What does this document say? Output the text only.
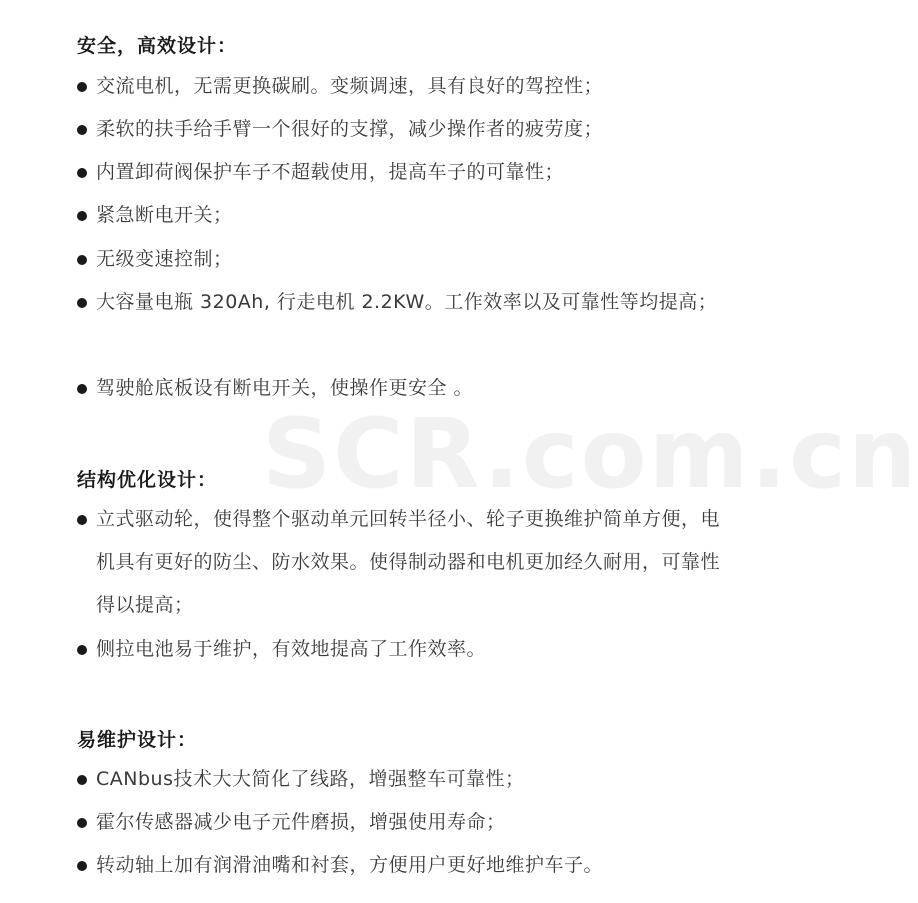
SCR.com.cn
安全，高效设计：
交流电机，无需更换碳刷。变频调速，具有良好的驾控性；
柔软的扶手给手臂一个很好的支撑，减少操作者的疲劳度；
内置卸荷阀保护车子不超载使用，提高车子的可靠性；
紧急断电开关；
无级变速控制；
大容量电瓶 320Ah, 行走电机 2.2KW。工作效率以及可靠性等均提高；
驾驶舱底板设有断电开关，使操作更安全 。
结构优化设计：
立式驱动轮，使得整个驱动单元回转半径小、轮子更换维护简单方便，电机具有更好的防尘、防水效果。使得制动器和电机更加经久耐用，可靠性得以提高；
侧拉电池易于维护，有效地提高了工作效率。
易维护设计：
CANbus技术大大简化了线路，增强整车可靠性；
霍尔传感器减少电子元件磨损，增强使用寿命；
转动轴上加有润滑油嘴和衬套，方便用户更好地维护车子。
